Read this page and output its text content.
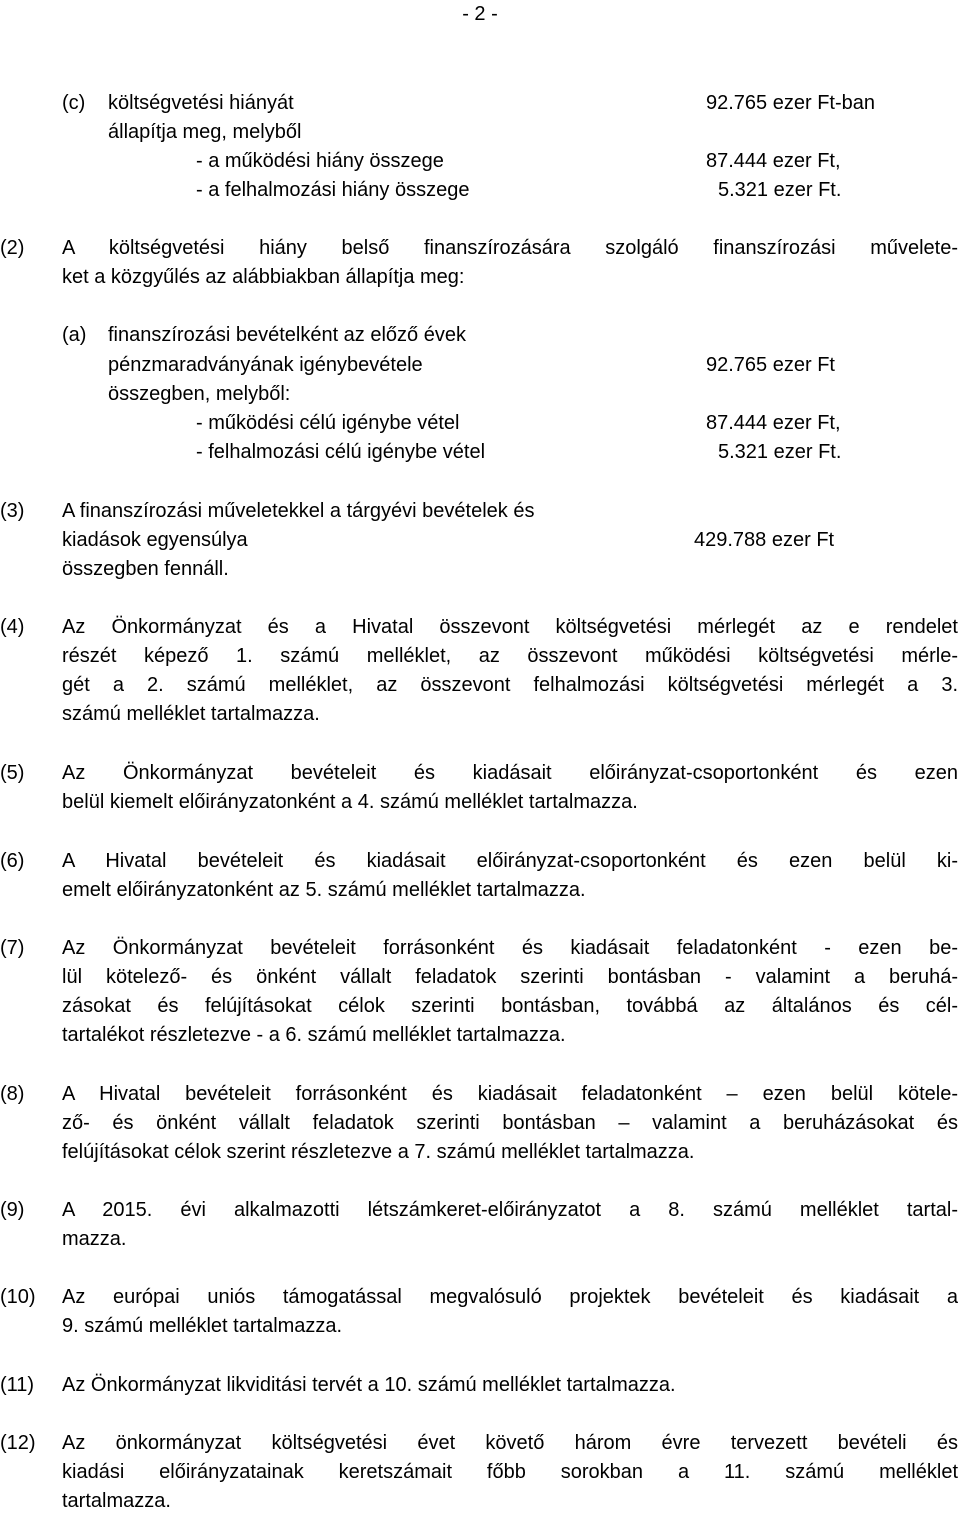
- 2 -
(c) költségvetési hiányát	92.765 ezer Ft-ban
állapítja meg, melyből
- a működési hiány összege	87.444 ezer Ft,
- a felhalmozási hiány összege	5.321 ezer Ft.
(2) A költségvetési hiány belső finanszírozására szolgáló finanszírozási művelete-
ket a közgyűlés az alábbiakban állapítja meg:
(a) finanszírozási bevételként az előző évek
pénzmaradványának igénybevétele	92.765 ezer Ft
összegben, melyből:
- működési célú igénybe vétel	87.444 ezer Ft,
- felhalmozási célú igénybe vétel	5.321 ezer Ft.
(3) A finanszírozási műveletekkel a tárgyévi bevételek és
kiadások egyensúlya	429.788 ezer Ft
összegben fennáll.
(4) Az Önkormányzat és a Hivatal összevont költségvetési mérlegét az e rendelet
részét képező 1. számú melléklet, az összevont működési költségvetési mérle-
gét a 2. számú melléklet, az összevont felhalmozási költségvetési mérlegét a 3.
számú melléklet tartalmazza.
(5) Az Önkormányzat bevételeit és kiadásait előirányzat-csoportonként és ezen
belül kiemelt előirányzatonként a 4. számú melléklet tartalmazza.
(6) A Hivatal bevételeit és kiadásait előirányzat-csoportonként és ezen belül ki-
emelt előirányzatonként az 5. számú melléklet tartalmazza.
(7) Az Önkormányzat bevételeit forrásonként és kiadásait feladatonként - ezen be-
lül kötelező- és önként vállalt feladatok szerinti bontásban - valamint a beruhá-
zásokat és felújításokat célok szerinti bontásban, továbbá az általános és cél-
tartalékot részletezve - a 6. számú melléklet tartalmazza.
(8) A Hivatal bevételeit forrásonként és kiadásait feladatonként – ezen belül kötele-
ző- és önként vállalt feladatok szerinti bontásban – valamint a beruházásokat és
felújításokat célok szerint részletezve a 7. számú melléklet tartalmazza.
(9) A 2015. évi alkalmazotti létszámkeret-előirányzatot a 8. számú melléklet tartal-
mazza.
(10) Az európai uniós támogatással megvalósuló projektek bevételeit és kiadásait a
9. számú melléklet tartalmazza.
(11) Az Önkormányzat likviditási tervét a 10. számú melléklet tartalmazza.
(12) Az önkormányzat költségvetési évet követő három évre tervezett bevételi és
kiadási előirányzatainak keretszámait főbb sorokban a 11. számú melléklet
tartalmazza.
